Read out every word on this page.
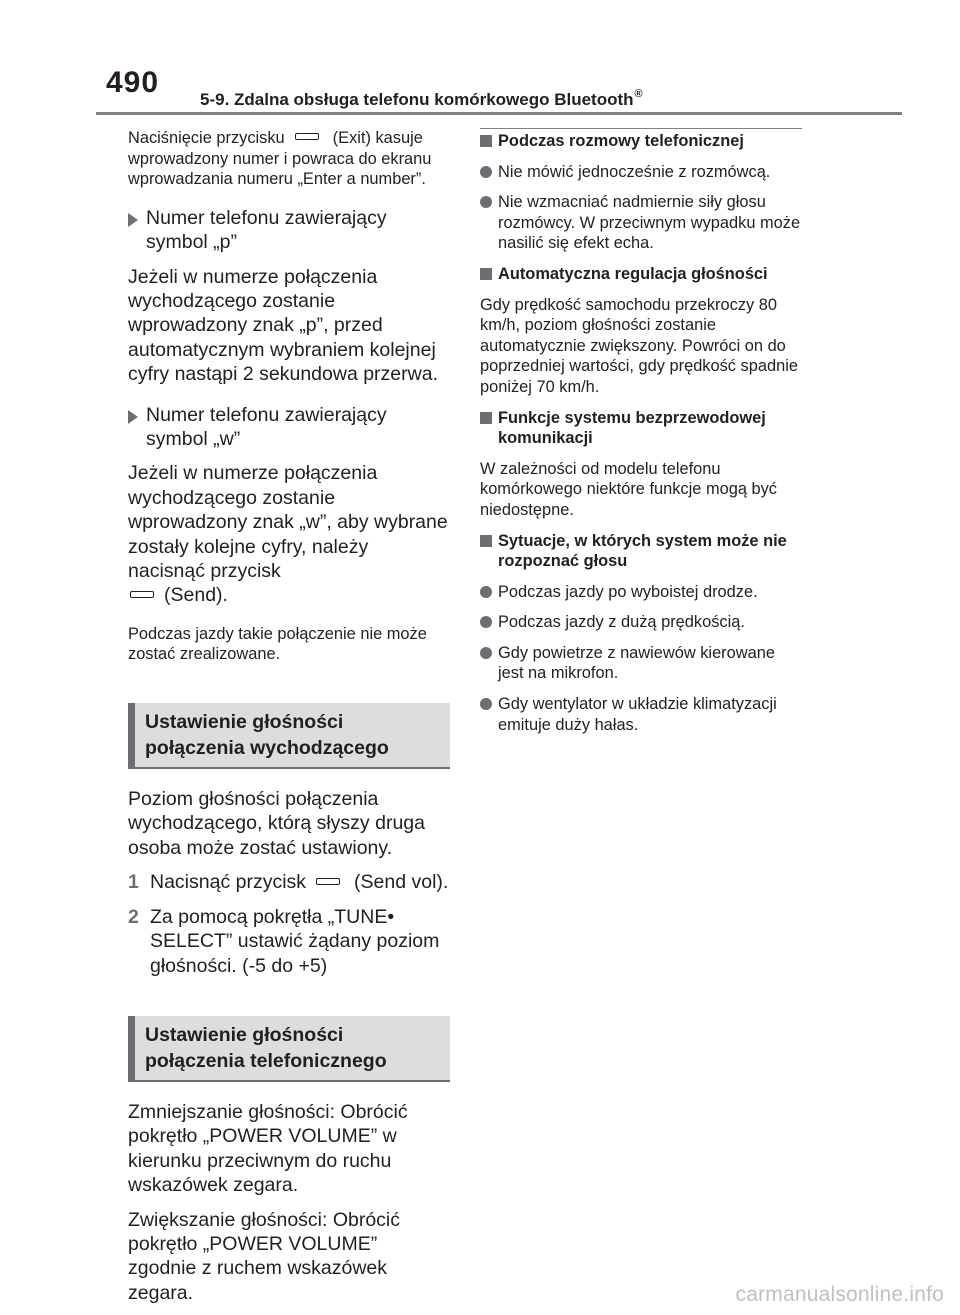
490
5-9. Zdalna obsługa telefonu komórkowego Bluetooth®

Naciśnięcie przycisku	(Exit) kasuje wprowadzony numer i powraca do ekranu wprowadzania numeru „Enter a number”.

Numer telefonu zawierający symbol „p”

Jeżeli w numerze połączenia wychodzącego zostanie wprowadzony znak „p”, przed automatycznym wybraniem kolejnej cyfry nastąpi 2 sekundowa przerwa.

Numer telefonu zawierający symbol „w”

Jeżeli w numerze połączenia wychodzącego zostanie wprowadzony znak „w”, aby wybrane zostały kolejne cyfry, należy nacisnąć przycisk
(Send).

Podczas jazdy takie połączenie nie może zostać zrealizowane.

Ustawienie głośności połączenia wychodzącego

Poziom głośności połączenia wychodzącego, którą słyszy druga osoba może zostać ustawiony.

1 Nacisnąć przycisk (Send vol).
2 Za pomocą pokrętła „TUNE• SELECT” ustawić żądany poziom głośności. (-5 do +5)
Ustawienie głośności połączenia telefonicznego

Zmniejszanie głośności: Obrócić pokrętło „POWER VOLUME” w kierunku przeciwnym do ruchu wskazówek zegara.

Zwiększanie głośności: Obrócić pokrętło „POWER VOLUME” zgodnie z ruchem wskazówek zegara.

Podczas rozmowy telefonicznej
Nie mówić jednocześnie z rozmówcą.
Nie wzmacniać nadmiernie siły głosu rozmówcy. W przeciwnym wypadku może nasilić się efekt echa.
Automatyczna regulacja głośności

Gdy prędkość samochodu przekroczy 80 km/h, poziom głośności zostanie automatycznie zwiększony. Powróci on do poprzedniej wartości, gdy prędkość spadnie poniżej 70 km/h.

Funkcje systemu bezprzewodowej komunikacji

W zależności od modelu telefonu komórkowego niektóre funkcje mogą być niedostępne.

Sytuacje, w których system może nie rozpoznać głosu
Podczas jazdy po wyboistej drodze.
Podczas jazdy z dużą prędkością.
Gdy powietrze z nawiewów kierowane jest na mikrofon.
Gdy wentylator w układzie klimatyzacji emituje duży hałas.
carmanualsonline.info
